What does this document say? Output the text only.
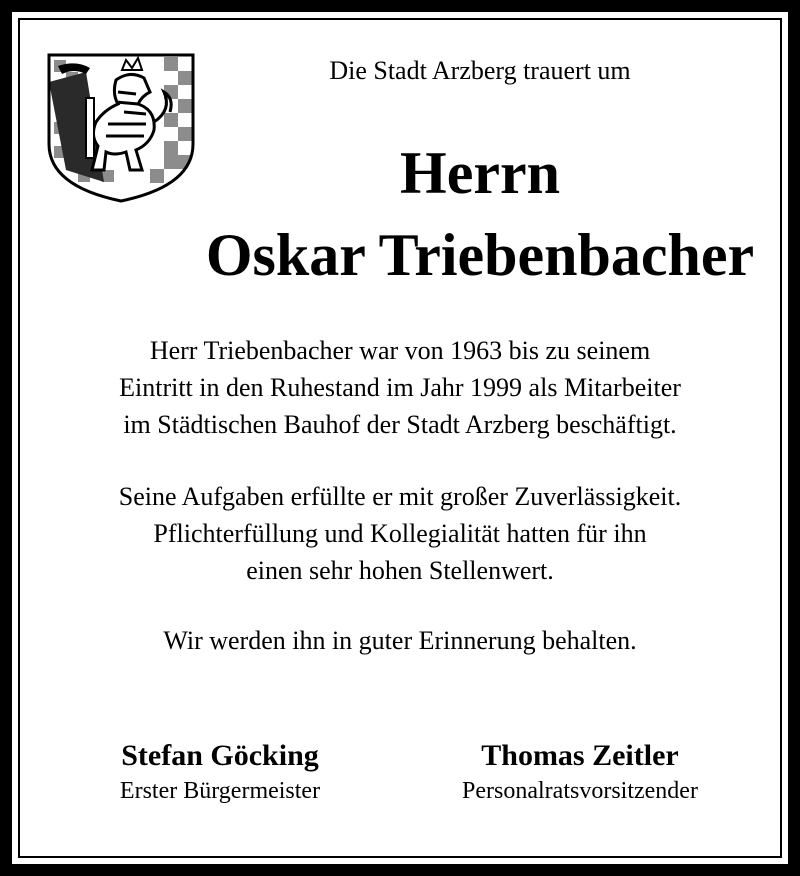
Die Stadt Arzberg trauert um
Herrn
Oskar Triebenbacher
Herr Triebenbacher war von 1963 bis zu seinem
Eintritt in den Ruhestand im Jahr 1999 als Mitarbeiter
im Städtischen Bauhof der Stadt Arzberg beschäftigt.
Seine Aufgaben erfüllte er mit großer Zuverlässigkeit.
Pflichterfüllung und Kollegialität hatten für ihn
einen sehr hohen Stellenwert.
Wir werden ihn in guter Erinnerung behalten.
Stefan Göcking
Erster Bürgermeister
Thomas Zeitler
Personalratsvorsitzender
